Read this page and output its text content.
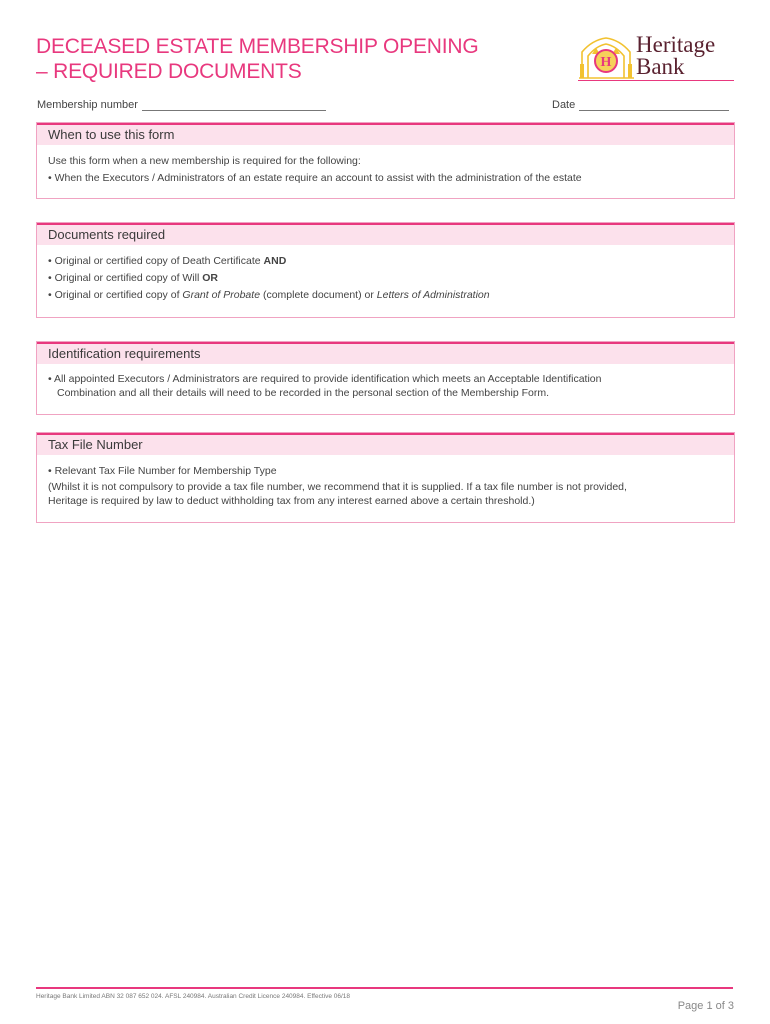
DECEASED ESTATE MEMBERSHIP OPENING
– REQUIRED DOCUMENTS	H
Heritage
Bank
Membership number	Date
When to use this form
Use this form when a new membership is required for the following:
• When the Executors / Administrators of an estate require an account to assist with the administration of the estate
Documents required
• Original or certified copy of Death Certificate AND
• Original or certified copy of Will OR
• Original or certified copy of Grant of Probate (complete document) or Letters of Administration
Identification requirements
• All appointed Executors / Administrators are required to provide identification which meets an Acceptable Identification
Combination and all their details will need to be recorded in the personal section of the Membership Form.
Tax File Number
• Relevant Tax File Number for Membership Type
(Whilst it is not compulsory to provide a tax file number, we recommend that it is supplied. If a tax file number is not provided,
Heritage is required by law to deduct withholding tax from any interest earned above a certain threshold.)
Heritage Bank Limited ABN 32 087 652 024. AFSL 240984. Australian Credit Licence 240984. Effective 06/18
Page 1 of 3
